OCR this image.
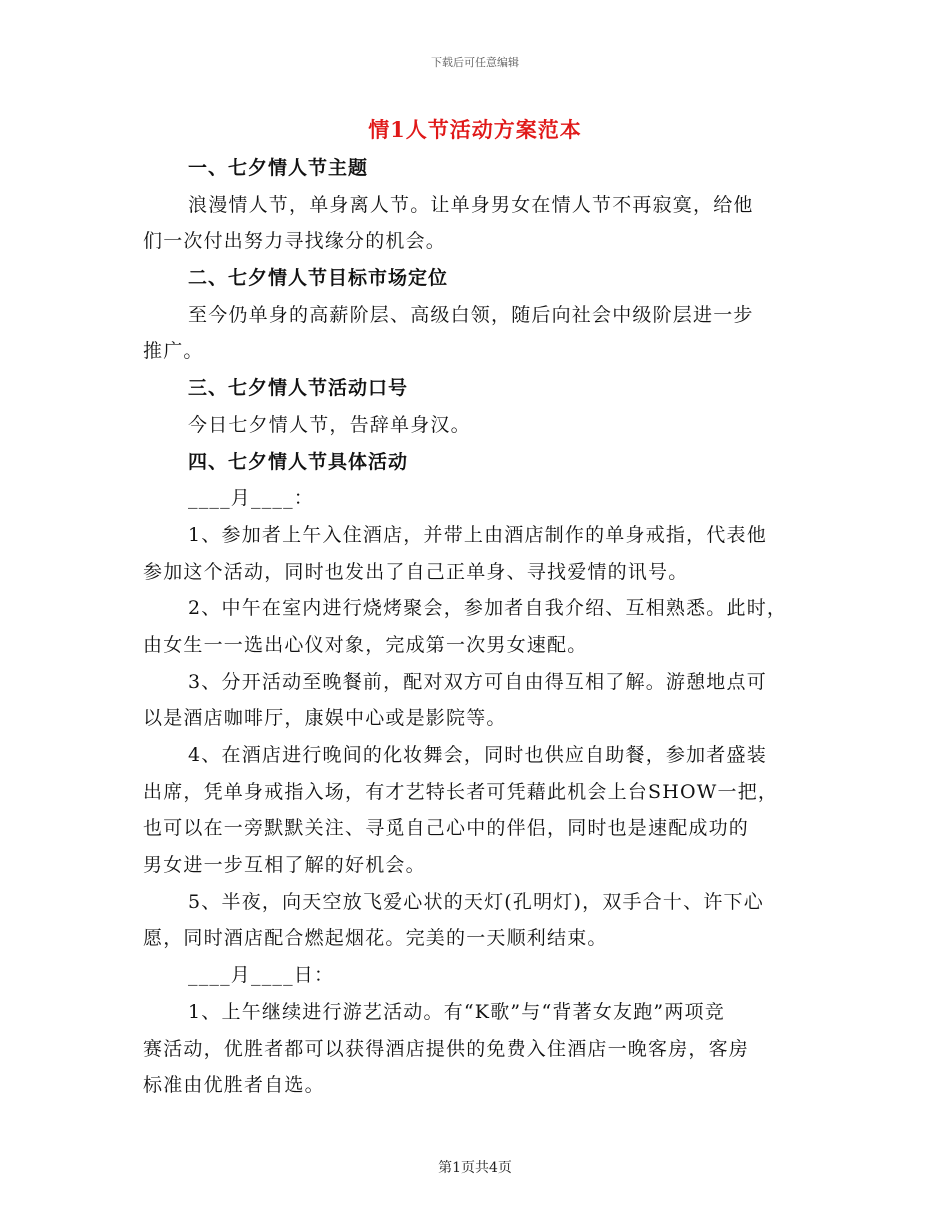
下载后可任意编辑
情1人节活动方案范本
一、七夕情人节主题
浪漫情人节，单身离人节。让单身男女在情人节不再寂寞，给他
们一次付出努力寻找缘分的机会。
二、七夕情人节目标市场定位
至今仍单身的高薪阶层、高级白领，随后向社会中级阶层进一步
推广。
三、七夕情人节活动口号
今日七夕情人节，告辞单身汉。
四、七夕情人节具体活动
____月____：
1、参加者上午入住酒店，并带上由酒店制作的单身戒指，代表他
参加这个活动，同时也发出了自己正单身、寻找爱情的讯号。
2、中午在室内进行烧烤聚会，参加者自我介绍、互相熟悉。此时，
由女生一一选出心仪对象，完成第一次男女速配。
3、分开活动至晚餐前，配对双方可自由得互相了解。游憩地点可
以是酒店咖啡厅，康娱中心或是影院等。
4、在酒店进行晚间的化妆舞会，同时也供应自助餐，参加者盛装
出席，凭单身戒指入场，有才艺特长者可凭藉此机会上台SHOW一把，
也可以在一旁默默关注、寻觅自己心中的伴侣，同时也是速配成功的
男女进一步互相了解的好机会。
5、半夜，向天空放飞爱心状的天灯(孔明灯)，双手合十、许下心
愿，同时酒店配合燃起烟花。完美的一天顺利结束。
____月____日：
1、上午继续进行游艺活动。有“K歌”与“背著女友跑”两项竞
赛活动，优胜者都可以获得酒店提供的免费入住酒店一晚客房，客房
标准由优胜者自选。
第1页共4页
